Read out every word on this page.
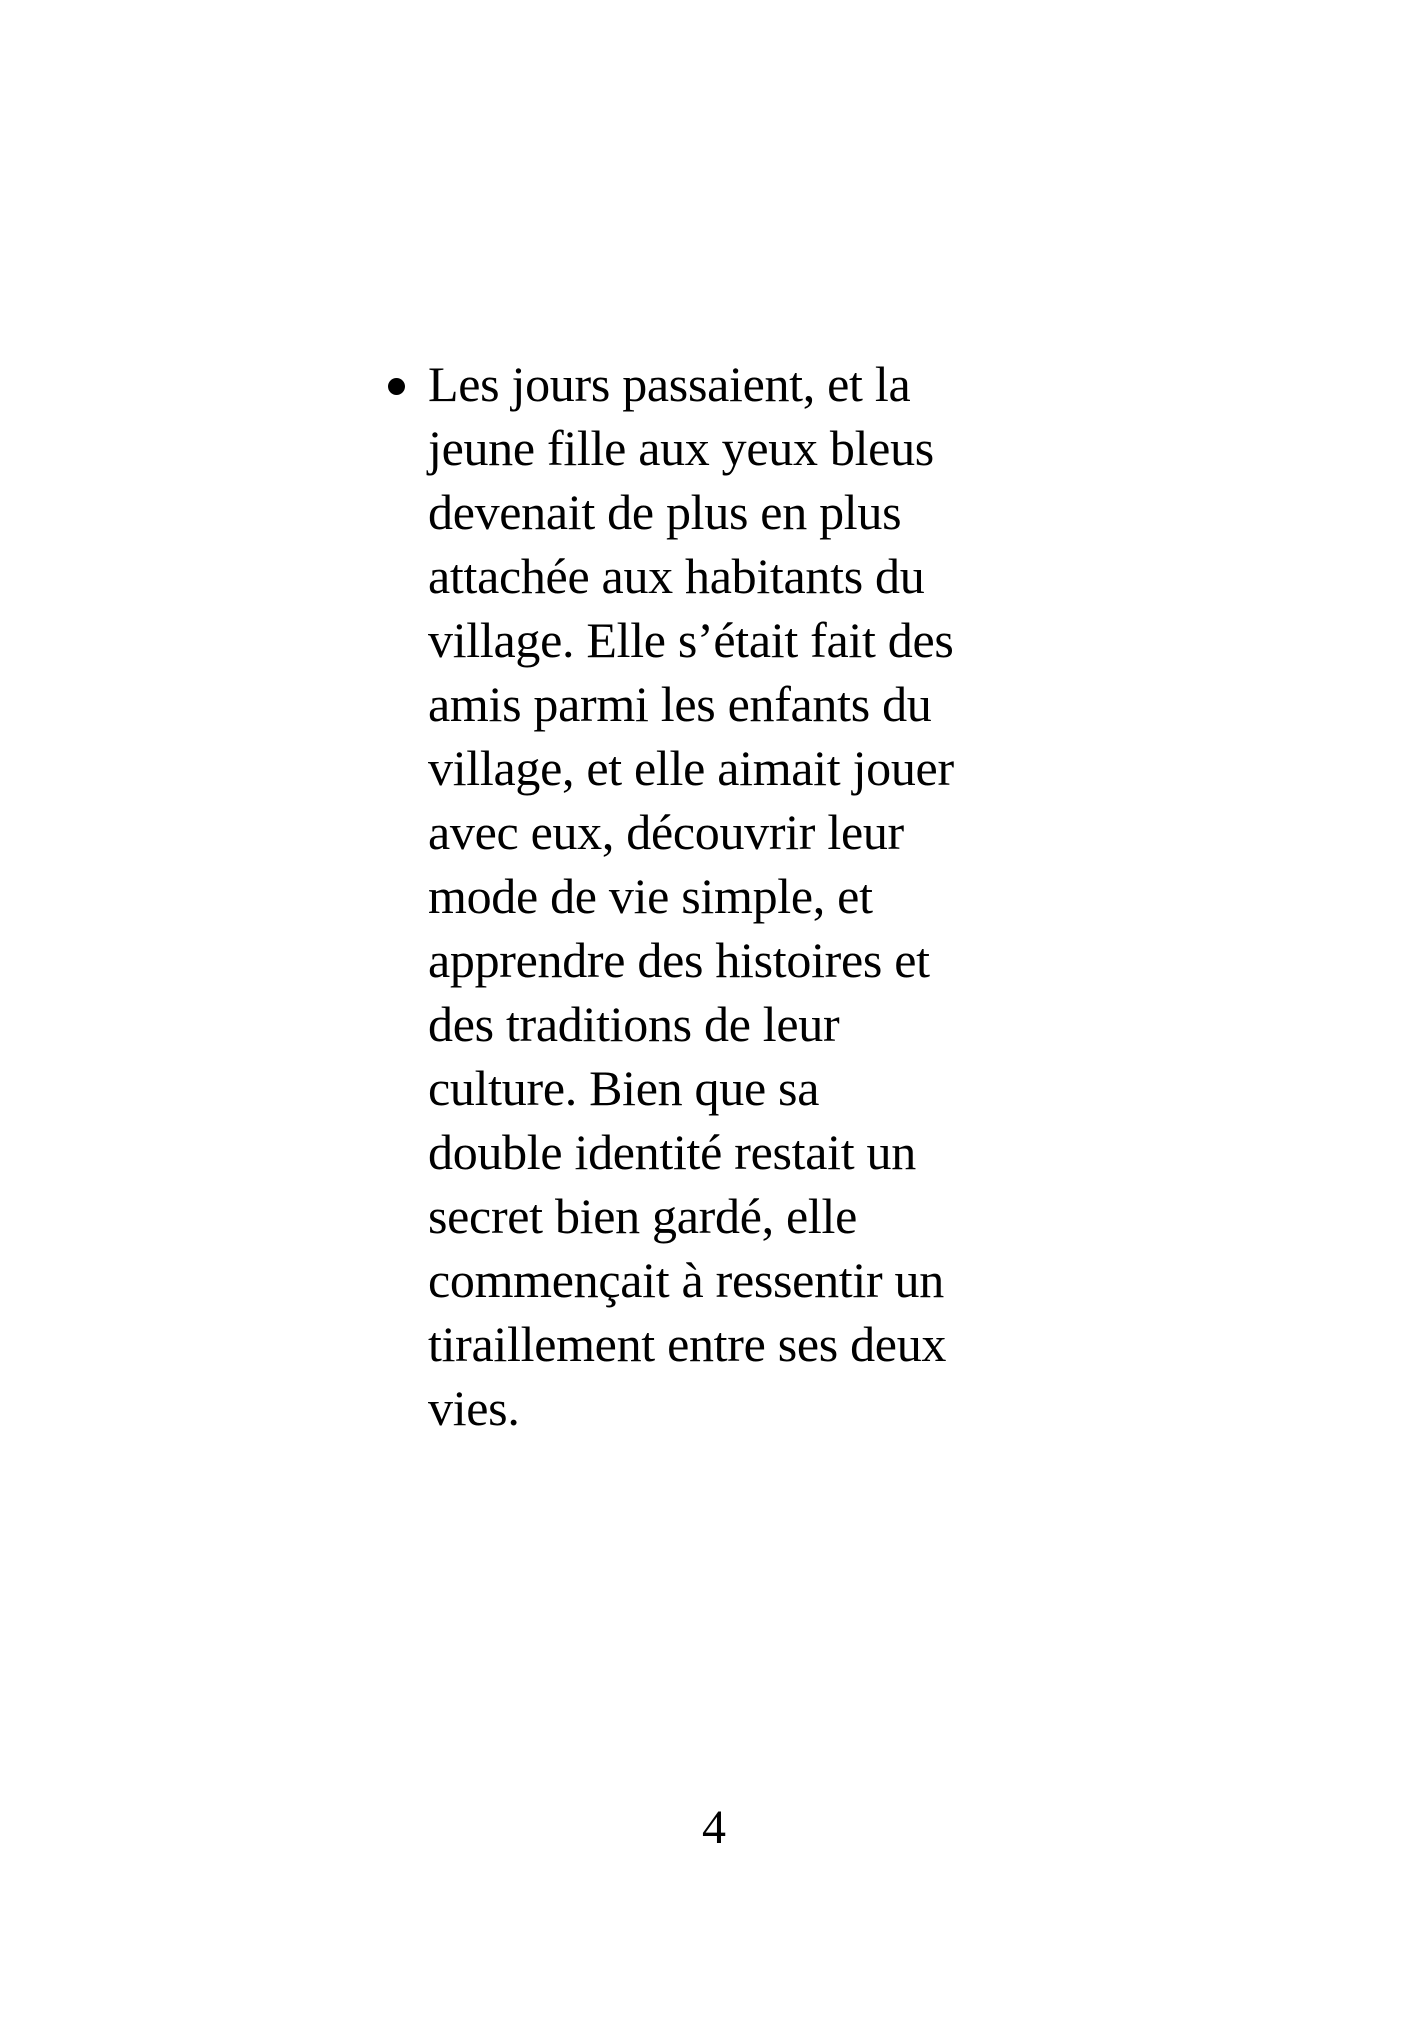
Les jours passaient, et la
jeune fille aux yeux bleus
devenait de plus en plus
attachée aux habitants du
village. Elle s’était fait des
amis parmi les enfants du
village, et elle aimait jouer
avec eux, découvrir leur
mode de vie simple, et
apprendre des histoires et
des traditions de leur
culture. Bien que sa
double identité restait un
secret bien gardé, elle
commençait à ressentir un
tiraillement entre ses deux
vies.
4
